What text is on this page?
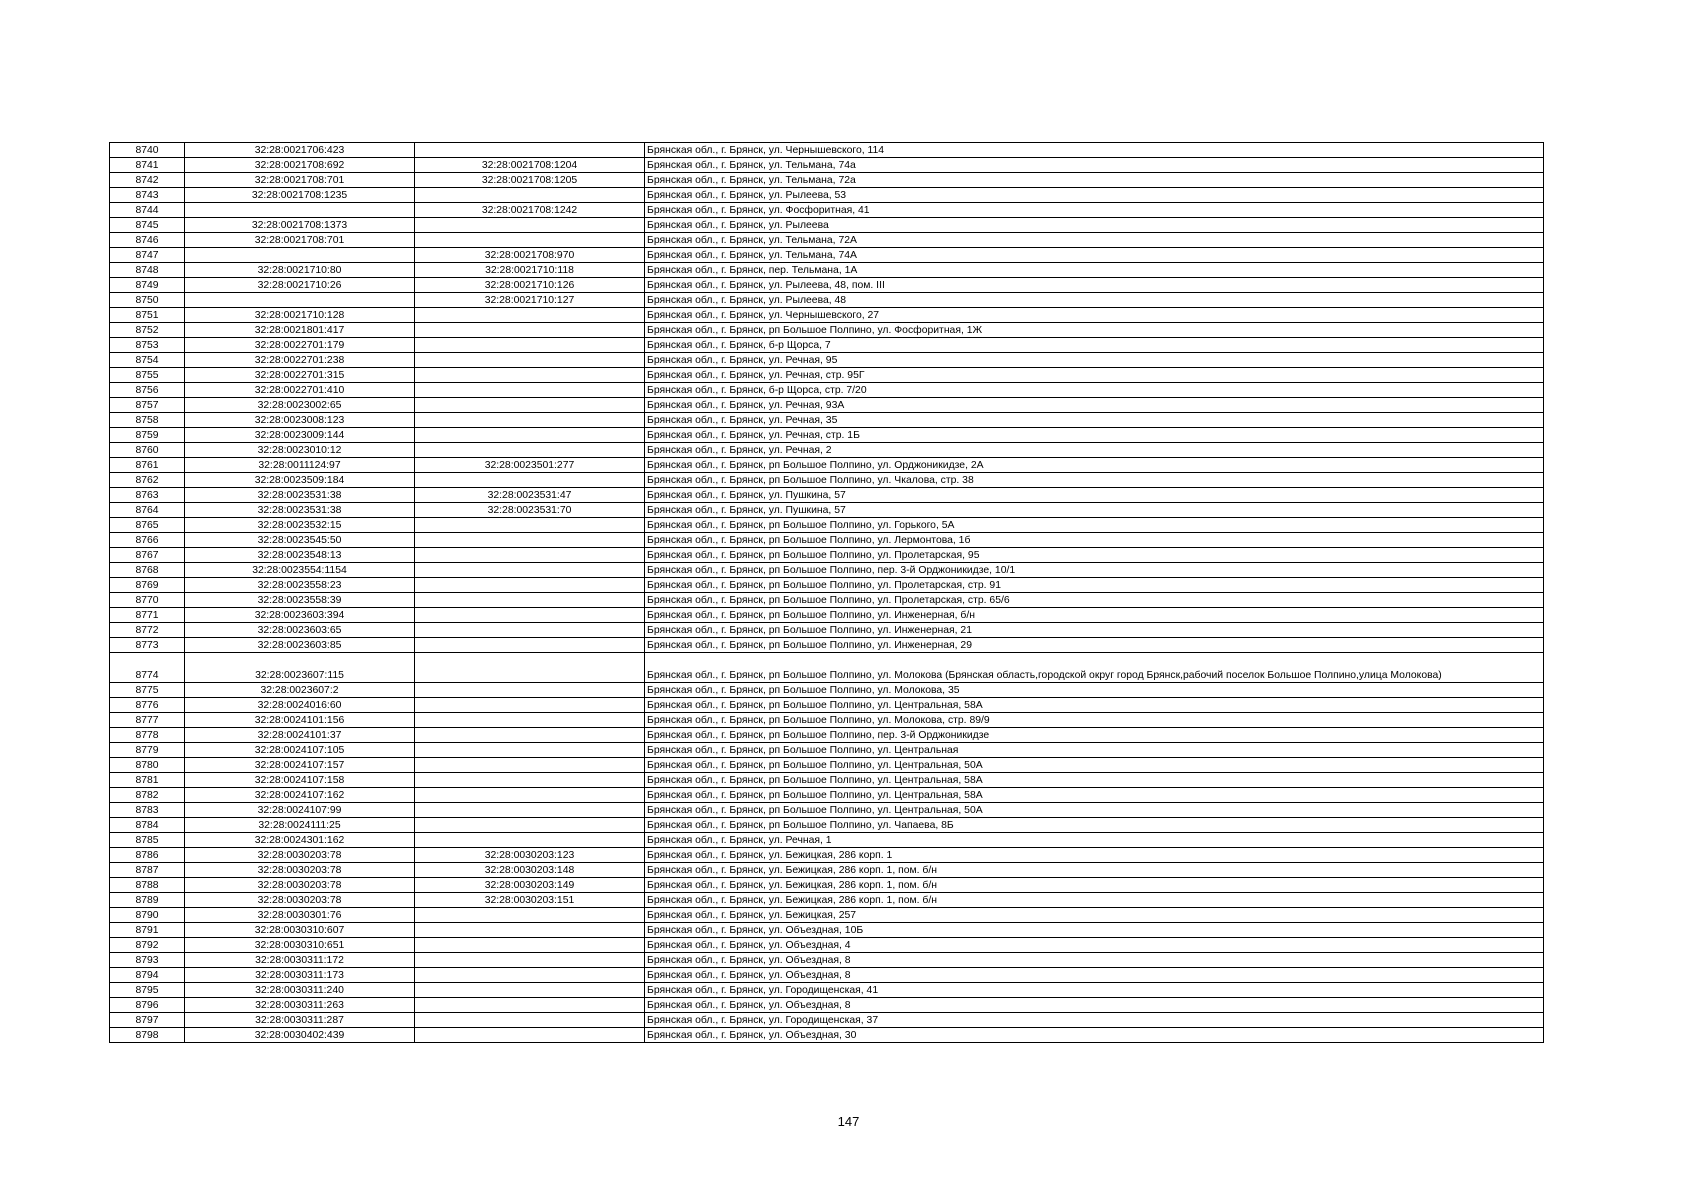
8740	32:28:0021706:423		Брянская обл., г. Брянск, ул. Чернышевского, 114
8741	32:28:0021708:692	32:28:0021708:1204	Брянская обл., г. Брянск, ул. Тельмана, 74а
8742	32:28:0021708:701	32:28:0021708:1205	Брянская обл., г. Брянск, ул. Тельмана, 72а
8743	32:28:0021708:1235		Брянская обл., г. Брянск, ул. Рылеева, 53
8744		32:28:0021708:1242	Брянская обл., г. Брянск, ул. Фосфоритная, 41
8745	32:28:0021708:1373		Брянская обл., г. Брянск, ул. Рылеева
8746	32:28:0021708:701		Брянская обл., г. Брянск, ул. Тельмана, 72А
8747		32:28:0021708:970	Брянская обл., г. Брянск, ул. Тельмана, 74А
8748	32:28:0021710:80	32:28:0021710:118	Брянская обл., г. Брянск, пер. Тельмана, 1А
8749	32:28:0021710:26	32:28:0021710:126	Брянская обл., г. Брянск, ул. Рылеева, 48, пом. III
8750		32:28:0021710:127	Брянская обл., г. Брянск, ул. Рылеева, 48
8751	32:28:0021710:128		Брянская обл., г. Брянск, ул. Чернышевского, 27
8752	32:28:0021801:417		Брянская обл., г. Брянск, рп Большое Полпино, ул. Фосфоритная, 1Ж
8753	32:28:0022701:179		Брянская обл., г. Брянск, б-р Щорса, 7
8754	32:28:0022701:238		Брянская обл., г. Брянск, ул. Речная, 95
8755	32:28:0022701:315		Брянская обл., г. Брянск, ул. Речная, стр. 95Г
8756	32:28:0022701:410		Брянская обл., г. Брянск, б-р Щорса, стр. 7/20
8757	32:28:0023002:65		Брянская обл., г. Брянск, ул. Речная, 93А
8758	32:28:0023008:123		Брянская обл., г. Брянск, ул. Речная, 35
8759	32:28:0023009:144		Брянская обл., г. Брянск, ул. Речная, стр. 1Б
8760	32:28:0023010:12		Брянская обл., г. Брянск, ул. Речная, 2
8761	32:28:0011124:97	32:28:0023501:277	Брянская обл., г. Брянск, рп Большое Полпино, ул. Орджоникидзе, 2А
8762	32:28:0023509:184		Брянская обл., г. Брянск, рп Большое Полпино, ул. Чкалова, стр. 38
8763	32:28:0023531:38	32:28:0023531:47	Брянская обл., г. Брянск, ул. Пушкина, 57
8764	32:28:0023531:38	32:28:0023531:70	Брянская обл., г. Брянск, ул. Пушкина, 57
8765	32:28:0023532:15		Брянская обл., г. Брянск, рп Большое Полпино, ул. Горького, 5А
8766	32:28:0023545:50		Брянская обл., г. Брянск, рп Большое Полпино, ул. Лермонтова, 1б
8767	32:28:0023548:13		Брянская обл., г. Брянск, рп Большое Полпино, ул. Пролетарская, 95
8768	32:28:0023554:1154		Брянская обл., г. Брянск, рп Большое Полпино, пер. 3-й Орджоникидзе, 10/1
8769	32:28:0023558:23		Брянская обл., г. Брянск, рп Большое Полпино, ул. Пролетарская, стр. 91
8770	32:28:0023558:39		Брянская обл., г. Брянск, рп Большое Полпино, ул. Пролетарская, стр. 65/6
8771	32:28:0023603:394		Брянская обл., г. Брянск, рп Большое Полпино, ул. Инженерная, б/н
8772	32:28:0023603:65		Брянская обл., г. Брянск, рп Большое Полпино, ул. Инженерная, 21
8773	32:28:0023603:85		Брянская обл., г. Брянск, рп Большое Полпино, ул. Инженерная, 29
8774	32:28:0023607:115		Брянская обл., г. Брянск, рп Большое Полпино, ул. Молокова (Брянская область,городской округ город Брянск,рабочий поселок Большое Полпино,улица Молокова)
8775	32:28:0023607:2		Брянская обл., г. Брянск, рп Большое Полпино, ул. Молокова, 35
8776	32:28:0024016:60		Брянская обл., г. Брянск, рп Большое Полпино, ул. Центральная, 58А
8777	32:28:0024101:156		Брянская обл., г. Брянск, рп Большое Полпино, ул. Молокова, стр. 89/9
8778	32:28:0024101:37		Брянская обл., г. Брянск, рп Большое Полпино, пер. 3-й Орджоникидзе
8779	32:28:0024107:105		Брянская обл., г. Брянск, рп Большое Полпино, ул. Центральная
8780	32:28:0024107:157		Брянская обл., г. Брянск, рп Большое Полпино, ул. Центральная, 50А
8781	32:28:0024107:158		Брянская обл., г. Брянск, рп Большое Полпино, ул. Центральная, 58А
8782	32:28:0024107:162		Брянская обл., г. Брянск, рп Большое Полпино, ул. Центральная, 58А
8783	32:28:0024107:99		Брянская обл., г. Брянск, рп Большое Полпино, ул. Центральная, 50А
8784	32:28:0024111:25		Брянская обл., г. Брянск, рп Большое Полпино, ул. Чапаева, 8Б
8785	32:28:0024301:162		Брянская обл., г. Брянск, ул. Речная, 1
8786	32:28:0030203:78	32:28:0030203:123	Брянская обл., г. Брянск, ул. Бежицкая, 286 корп. 1
8787	32:28:0030203:78	32:28:0030203:148	Брянская обл., г. Брянск, ул. Бежицкая, 286 корп. 1, пом. б/н
8788	32:28:0030203:78	32:28:0030203:149	Брянская обл., г. Брянск, ул. Бежицкая, 286 корп. 1, пом. б/н
8789	32:28:0030203:78	32:28:0030203:151	Брянская обл., г. Брянск, ул. Бежицкая, 286 корп. 1, пом. б/н
8790	32:28:0030301:76		Брянская обл., г. Брянск, ул. Бежицкая, 257
8791	32:28:0030310:607		Брянская обл., г. Брянск, ул. Объездная, 10Б
8792	32:28:0030310:651		Брянская обл., г. Брянск, ул. Объездная, 4
8793	32:28:0030311:172		Брянская обл., г. Брянск, ул. Объездная, 8
8794	32:28:0030311:173		Брянская обл., г. Брянск, ул. Объездная, 8
8795	32:28:0030311:240		Брянская обл., г. Брянск, ул. Городищенская, 41
8796	32:28:0030311:263		Брянская обл., г. Брянск, ул. Объездная, 8
8797	32:28:0030311:287		Брянская обл., г. Брянск, ул. Городищенская, 37
8798	32:28:0030402:439		Брянская обл., г. Брянск, ул. Объездная, 30
147
